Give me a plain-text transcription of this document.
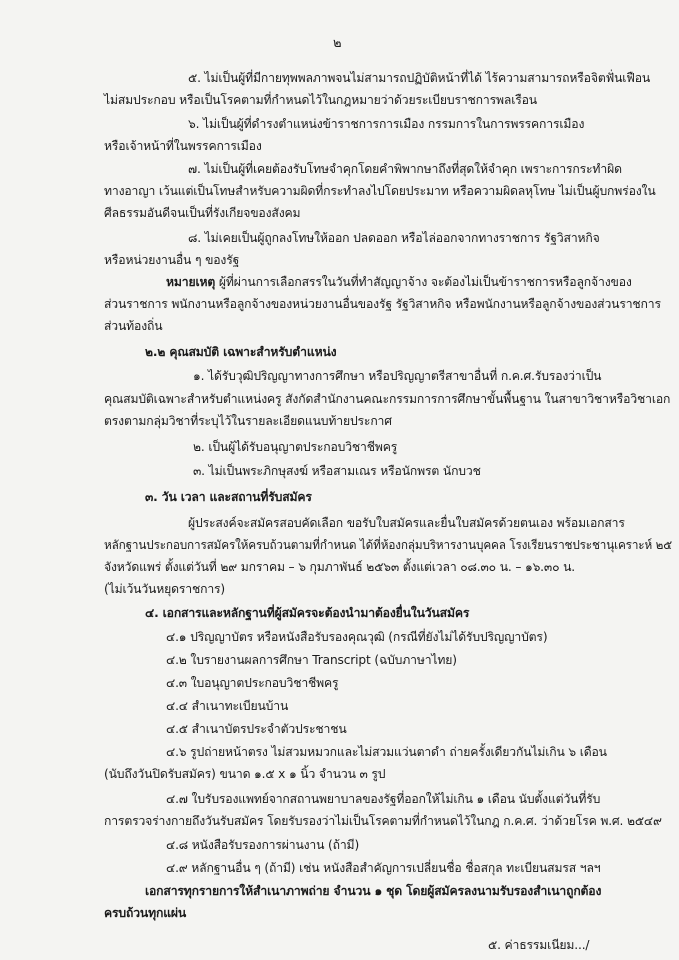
๒
๕. ไม่เป็นผู้ที่มีกายทุพพลภาพจนไม่สามารถปฏิบัติหน้าที่ได้ ไร้ความสามารถหรือจิตฟั่นเฟือน
ไม่สมประกอบ หรือเป็นโรคตามที่กำหนดไว้ในกฎหมายว่าด้วยระเบียบราชการพลเรือน
๖. ไม่เป็นผู้ที่ดำรงตำแหน่งข้าราชการการเมือง กรรมการในการพรรคการเมือง
หรือเจ้าหน้าที่ในพรรคการเมือง
๗. ไม่เป็นผู้ที่เคยต้องรับโทษจำคุกโดยคำพิพากษาถึงที่สุดให้จำคุก เพราะการกระทำผิด
ทางอาญา เว้นแต่เป็นโทษสำหรับความผิดที่กระทำลงไปโดยประมาท หรือความผิดลหุโทษ ไม่เป็นผู้บกพร่องใน
ศีลธรรมอันดีจนเป็นที่รังเกียจของสังคม
๘. ไม่เคยเป็นผู้ถูกลงโทษให้ออก ปลดออก หรือไล่ออกจากทางราชการ รัฐวิสาหกิจ
หรือหน่วยงานอื่น ๆ ของรัฐ
หมายเหตุ ผู้ที่ผ่านการเลือกสรรในวันที่ทำสัญญาจ้าง จะต้องไม่เป็นข้าราชการหรือลูกจ้างของ
ส่วนราชการ พนักงานหรือลูกจ้างของหน่วยงานอื่นของรัฐ รัฐวิสาหกิจ หรือพนักงานหรือลูกจ้างของส่วนราชการ
ส่วนท้องถิ่น
๒.๒ คุณสมบัติ เฉพาะสำหรับตำแหน่ง
๑. ได้รับวุฒิปริญญาทางการศึกษา หรือปริญญาตรีสาขาอื่นที่ ก.ค.ศ.รับรองว่าเป็น
คุณสมบัติเฉพาะสำหรับตำแหน่งครู สังกัดสำนักงานคณะกรรมการการศึกษาขั้นพื้นฐาน ในสาขาวิชาหรือวิชาเอก
ตรงตามกลุ่มวิชาที่ระบุไว้ในรายละเอียดแนบท้ายประกาศ
๒. เป็นผู้ได้รับอนุญาตประกอบวิชาชีพครู
๓. ไม่เป็นพระภิกษุสงฆ์ หรือสามเณร หรือนักพรต นักบวช
๓. วัน เวลา และสถานที่รับสมัคร
ผู้ประสงค์จะสมัครสอบคัดเลือก ขอรับใบสมัครและยื่นใบสมัครด้วยตนเอง พร้อมเอกสาร
หลักฐานประกอบการสมัครให้ครบถ้วนตามที่กำหนด ได้ที่ห้องกลุ่มบริหารงานบุคคล โรงเรียนราชประชานุเคราะห์ ๒๕
จังหวัดแพร่ ตั้งแต่วันที่ ๒๙ มกราคม – ๖ กุมภาพันธ์ ๒๕๖๓ ตั้งแต่เวลา ๐๘.๓๐ น. – ๑๖.๓๐ น.
(ไม่เว้นวันหยุดราชการ)
๔. เอกสารและหลักฐานที่ผู้สมัครจะต้องนำมาต้องยื่นในวันสมัคร
๔.๑ ปริญญาบัตร หรือหนังสือรับรองคุณวุฒิ (กรณีที่ยังไม่ได้รับปริญญาบัตร)
๔.๒ ใบรายงานผลการศึกษา Transcript (ฉบับภาษาไทย)
๔.๓ ใบอนุญาตประกอบวิชาชีพครู
๔.๔ สำเนาทะเบียนบ้าน
๔.๕ สำเนาบัตรประจำตัวประชาชน
๔.๖ รูปถ่ายหน้าตรง ไม่สวมหมวกและไม่สวมแว่นตาดำ ถ่ายครั้งเดียวกันไม่เกิน ๖ เดือน
(นับถึงวันปิดรับสมัคร) ขนาด ๑.๕ x ๑ นิ้ว จำนวน ๓ รูป
๔.๗ ใบรับรองแพทย์จากสถานพยาบาลของรัฐที่ออกให้ไม่เกิน ๑ เดือน นับตั้งแต่วันที่รับ
การตรวจร่างกายถึงวันรับสมัคร โดยรับรองว่าไม่เป็นโรคตามที่กำหนดไว้ในกฎ ก.ค.ศ. ว่าด้วยโรค พ.ศ. ๒๕๔๙
๔.๘ หนังสือรับรองการผ่านงาน (ถ้ามี)
๔.๙ หลักฐานอื่น ๆ (ถ้ามี) เช่น หนังสือสำคัญการเปลี่ยนชื่อ ชื่อสกุล ทะเบียนสมรส ฯลฯ
เอกสารทุกรายการให้สำเนาภาพถ่าย จำนวน ๑ ชุด โดยผู้สมัครลงนามรับรองสำเนาถูกต้อง
ครบถ้วนทุกแผ่น
๕. ค่าธรรมเนียม.../
